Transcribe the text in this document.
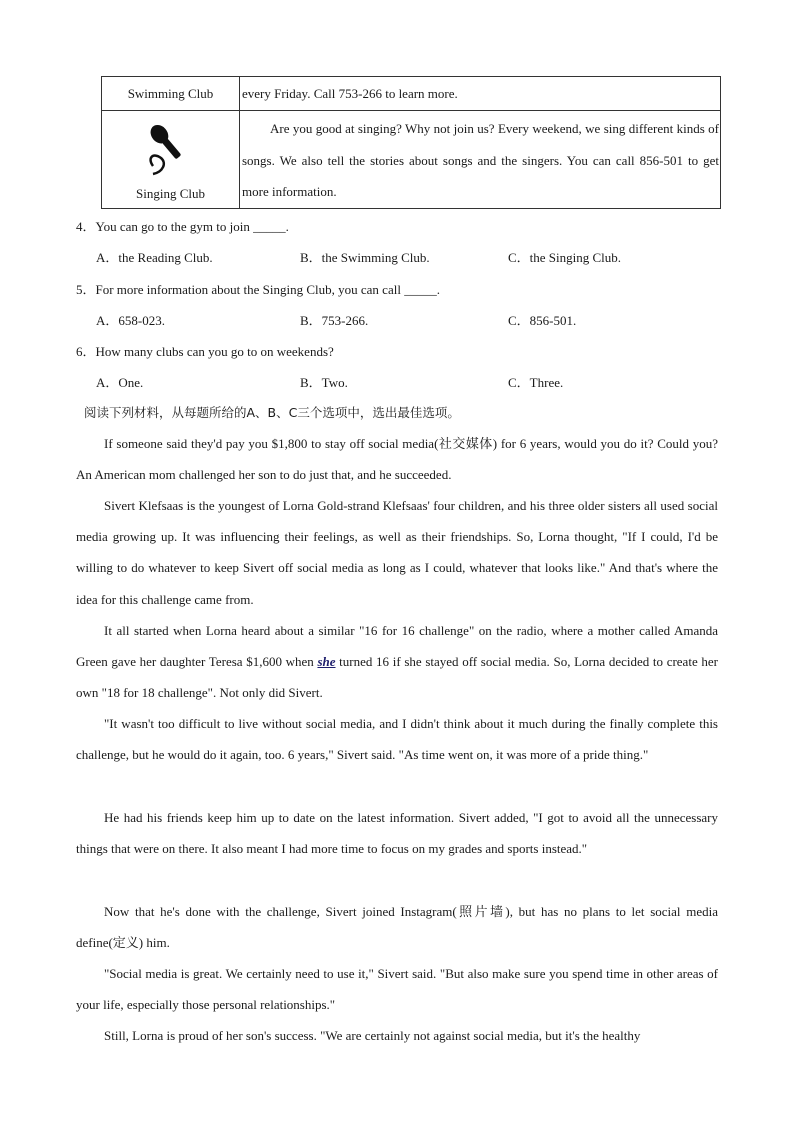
Swimming Club	every Friday. Call 753-266 to learn more.

Singing Club	Are you good at singing? Why not join us? Every weekend, we sing different kinds of songs. We also tell the stories about songs and the singers. You can call 856-501 to get more information.
4．You can go to the gym to join _____.
A．the Reading Club.	B．the Swimming Club.	C．the Singing Club.
5．For more information about the Singing Club, you can call _____.
A．658-023.	B．753-266.	C．856-501.
6．How many clubs can you go to on weekends?
A．One.	B．Two.	C．Three.
阅读下列材料，从每题所给的A、B、C三个选项中，选出最佳选项。
If someone said they'd pay you $1,800 to stay off social media(社交媒体) for 6 years, would you do it? Could you? An American mom challenged her son to do just that, and he succeeded.
Sivert Klefsaas is the youngest of Lorna Gold-strand Klefsaas' four children, and his three older sisters all used social media growing up. It was influencing their feelings, as well as their friendships. So, Lorna thought, "If I could, I'd be willing to do whatever to keep Sivert off social media as long as I could, whatever that looks like." And that's where the idea for this challenge came from.
It all started when Lorna heard about a similar "16 for 16 challenge" on the radio, where a mother called Amanda Green gave her daughter Teresa $1,600 when she turned 16 if she stayed off social media. So, Lorna decided to create her own "18 for 18 challenge". Not only did Sivert.
"It wasn't too difficult to live without social media, and I didn't think about it much during the finally complete this challenge, but he would do it again, too. 6 years," Sivert said. "As time went on, it was more of a pride thing."
He had his friends keep him up to date on the latest information. Sivert added, "I got to avoid all the unnecessary things that were on there. It also meant I had more time to focus on my grades and sports instead."
Now that he's done with the challenge, Sivert joined Instagram(照片墙), but has no plans to let social media define(定义) him.
"Social media is great. We certainly need to use it," Sivert said. "But also make sure you spend time in other areas of your life, especially those personal relationships."
Still, Lorna is proud of her son's success. "We are certainly not against social media, but it's the healthy
